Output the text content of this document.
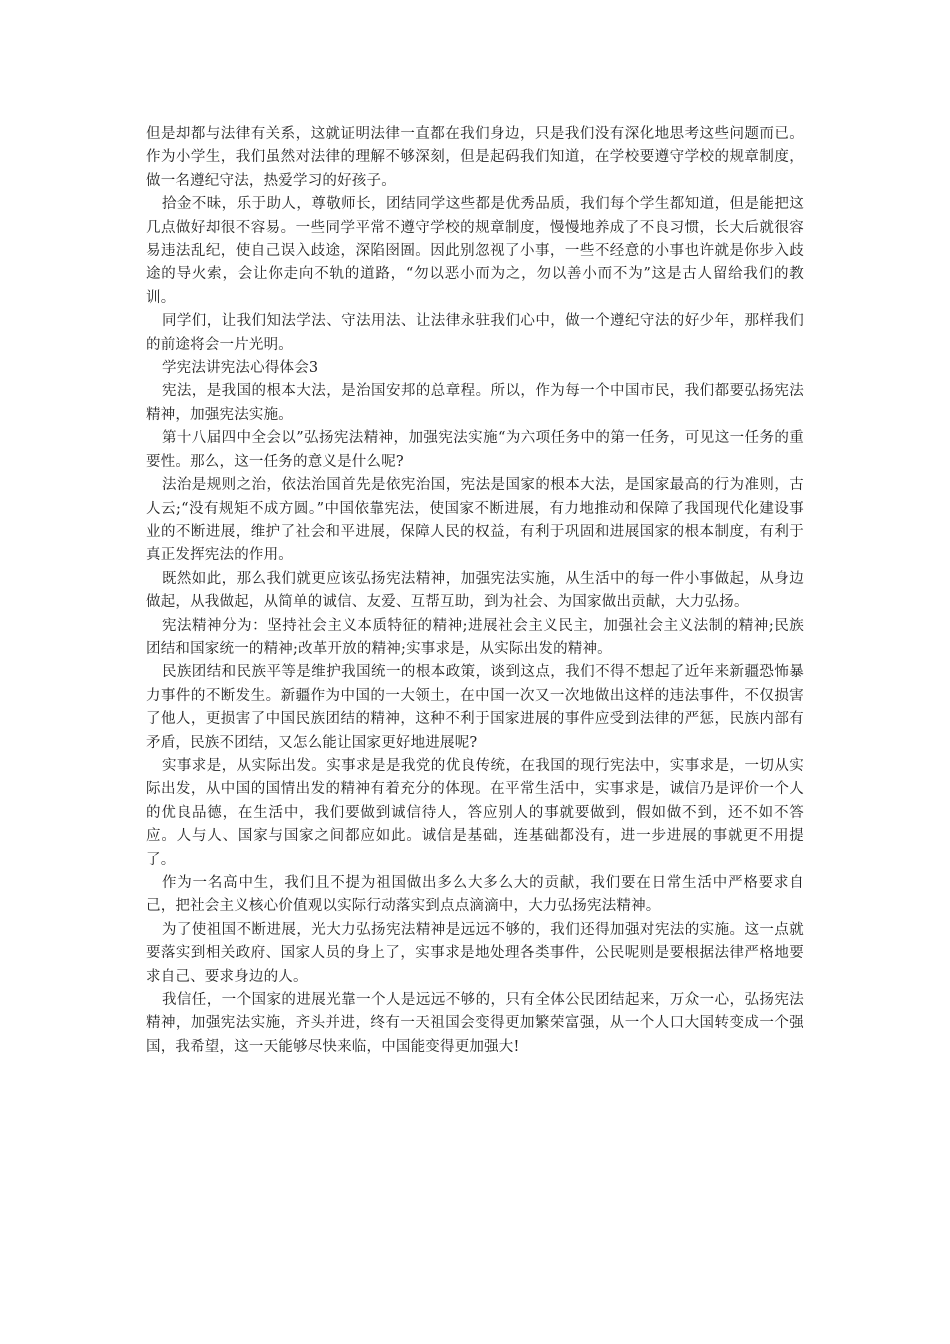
但是却都与法律有关系，这就证明法律一直都在我们身边，只是我们没有深化地思考这些问题而已。作为小学生，我们虽然对法律的理解不够深刻，但是起码我们知道，在学校要遵守学校的规章制度，做一名遵纪守法，热爱学习的好孩子。

拾金不昧，乐于助人，尊敬师长，团结同学这些都是优秀品质，我们每个学生都知道，但是能把这几点做好却很不容易。一些同学平常不遵守学校的规章制度，慢慢地养成了不良习惯，长大后就很容易违法乱纪，使自己误入歧途，深陷囹圄。因此别忽视了小事，一些不经意的小事也许就是你步入歧途的导火索，会让你走向不轨的道路，“勿以恶小而为之，勿以善小而不为”这是古人留给我们的教训。

同学们，让我们知法学法、守法用法、让法律永驻我们心中，做一个遵纪守法的好少年，那样我们的前途将会一片光明。

学宪法讲宪法心得体会3

宪法，是我国的根本大法，是治国安邦的总章程。所以，作为每一个中国市民，我们都要弘扬宪法精神，加强宪法实施。

第十八届四中全会以”弘扬宪法精神，加强宪法实施“为六项任务中的第一任务，可见这一任务的重要性。那么，这一任务的意义是什么呢?

法治是规则之治，依法治国首先是依宪治国，宪法是国家的根本大法，是国家最高的行为准则，古人云;“没有规矩不成方圆。”中国依靠宪法，使国家不断进展，有力地推动和保障了我国现代化建设事业的不断进展，维护了社会和平进展，保障人民的权益，有利于巩固和进展国家的根本制度，有利于真正发挥宪法的作用。

既然如此，那么我们就更应该弘扬宪法精神，加强宪法实施，从生活中的每一件小事做起，从身边做起，从我做起，从简单的诚信、友爱、互帮互助，到为社会、为国家做出贡献，大力弘扬。

宪法精神分为：坚持社会主义本质特征的精神;进展社会主义民主，加强社会主义法制的精神;民族团结和国家统一的精神;改革开放的精神;实事求是，从实际出发的精神。

民族团结和民族平等是维护我国统一的根本政策，谈到这点，我们不得不想起了近年来新疆恐怖暴力事件的不断发生。新疆作为中国的一大领土，在中国一次又一次地做出这样的违法事件，不仅损害了他人，更损害了中国民族团结的精神，这种不利于国家进展的事件应受到法律的严惩，民族内部有矛盾，民族不团结，又怎么能让国家更好地进展呢?

实事求是，从实际出发。实事求是是我党的优良传统，在我国的现行宪法中，实事求是，一切从实际出发，从中国的国情出发的精神有着充分的体现。在平常生活中，实事求是，诚信乃是评价一个人的优良品德，在生活中，我们要做到诚信待人，答应别人的事就要做到，假如做不到，还不如不答应。人与人、国家与国家之间都应如此。诚信是基础，连基础都没有，进一步进展的事就更不用提了。

作为一名高中生，我们且不提为祖国做出多么大多么大的贡献，我们要在日常生活中严格要求自己，把社会主义核心价值观以实际行动落实到点点滴滴中，大力弘扬宪法精神。

为了使祖国不断进展，光大力弘扬宪法精神是远远不够的，我们还得加强对宪法的实施。这一点就要落实到相关政府、国家人员的身上了，实事求是地处理各类事件，公民呢则是要根据法律严格地要求自己、要求身边的人。

我信任，一个国家的进展光靠一个人是远远不够的，只有全体公民团结起来，万众一心，弘扬宪法精神，加强宪法实施，齐头并进，终有一天祖国会变得更加繁荣富强，从一个人口大国转变成一个强国，我希望，这一天能够尽快来临，中国能变得更加强大!
